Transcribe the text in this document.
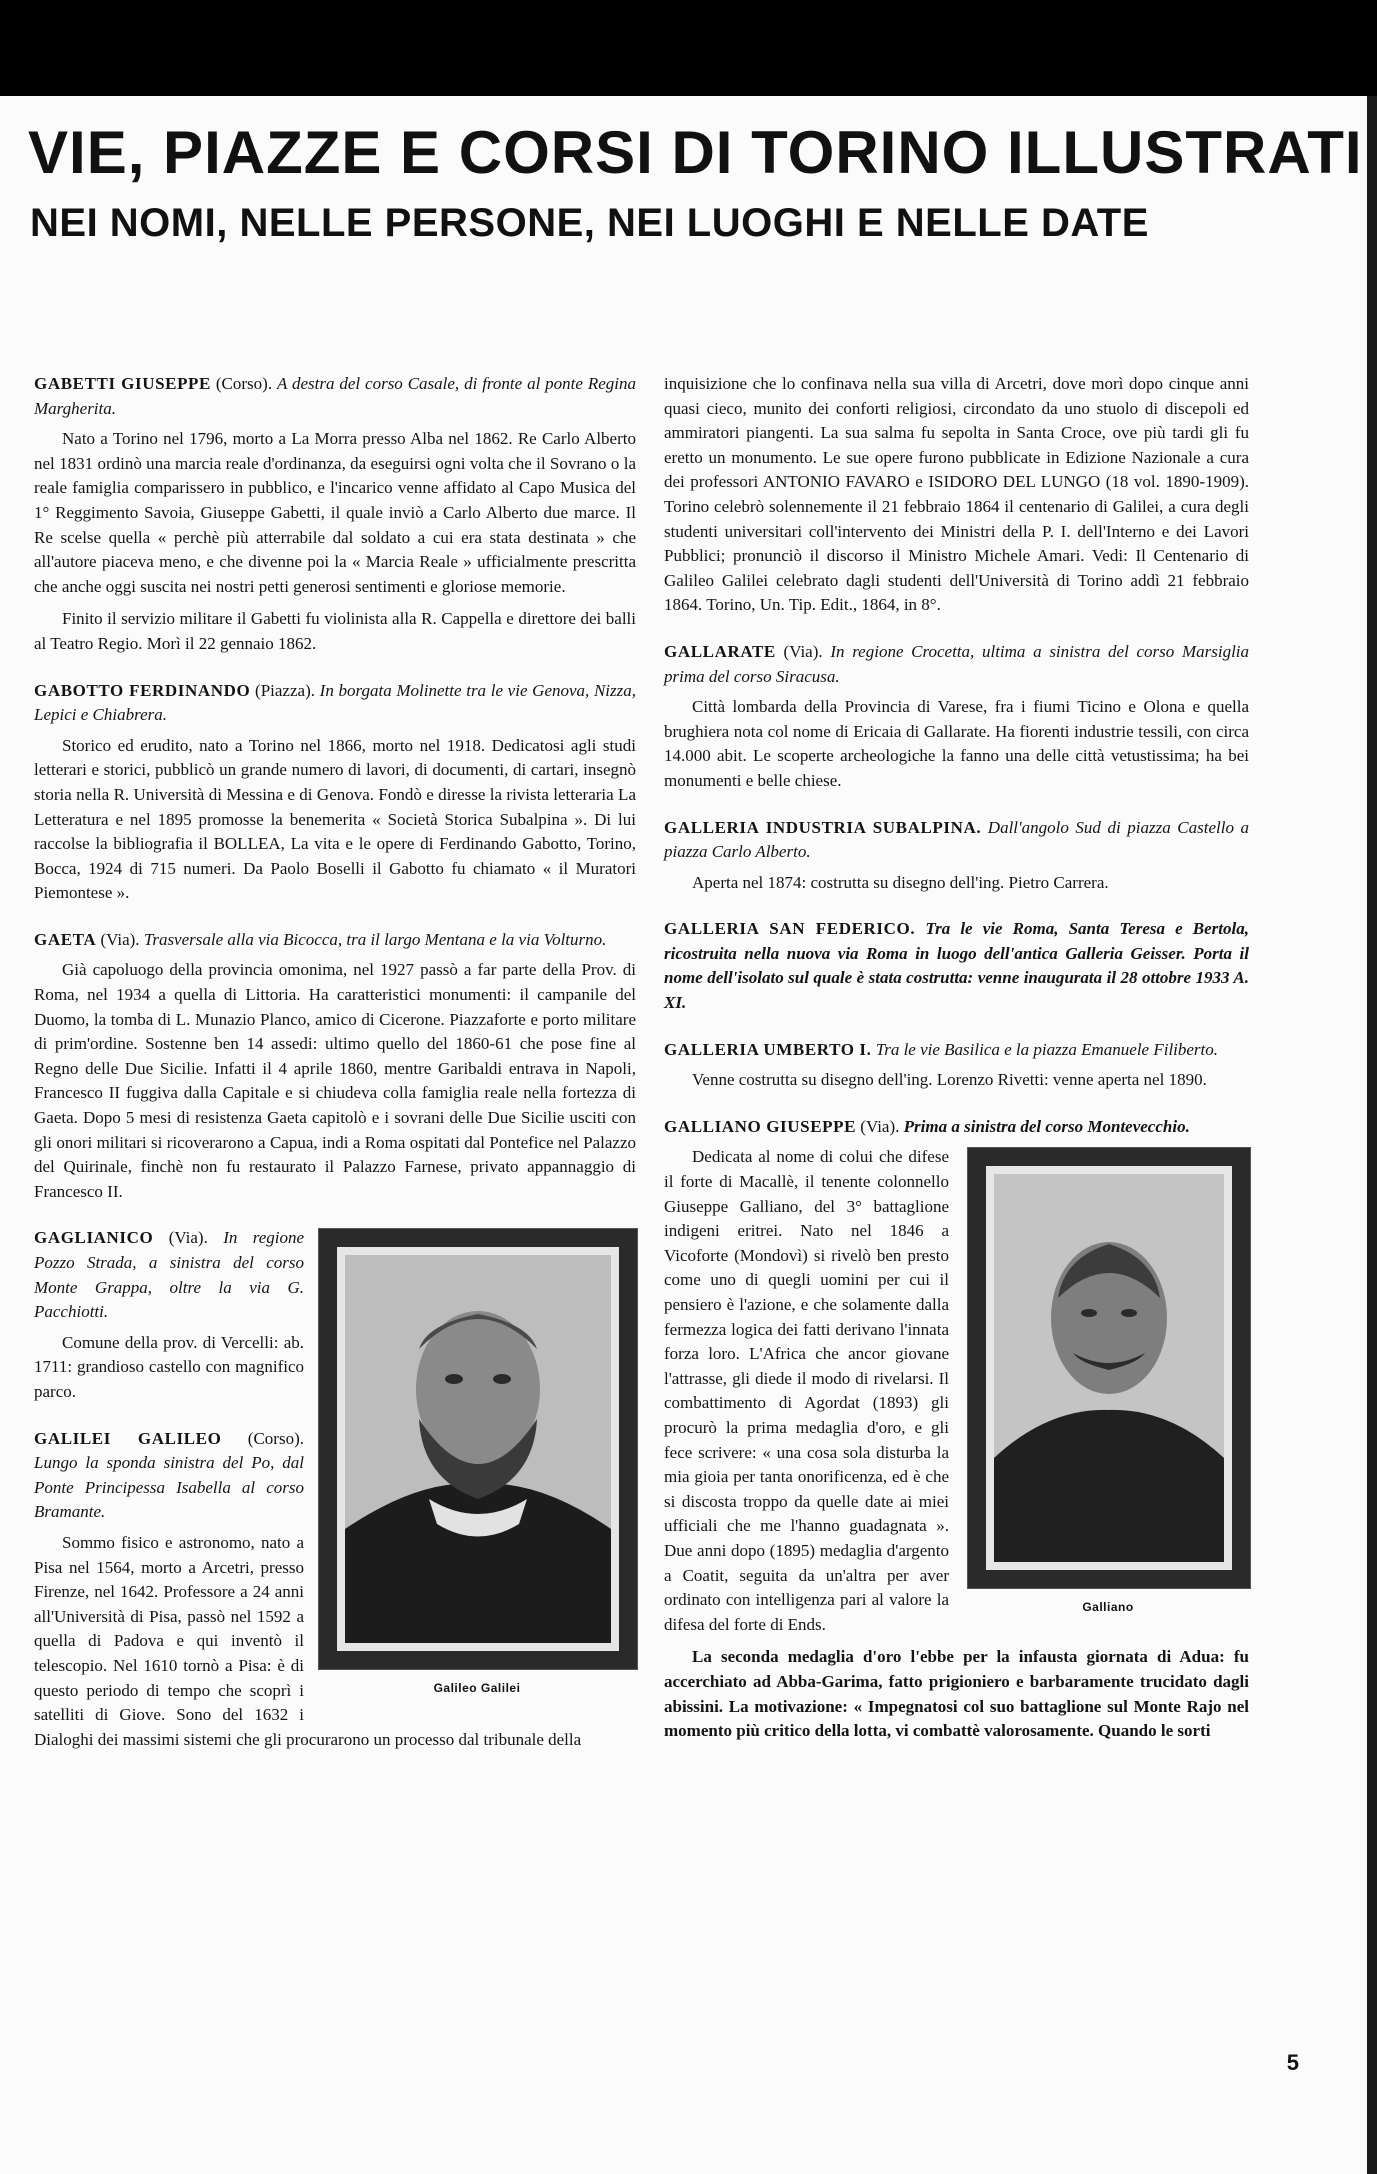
VIE, PIAZZE E CORSI DI TORINO ILLUSTRATI
NEI NOMI, NELLE PERSONE, NEI LUOGHI E NELLE DATE
GABETTI GIUSEPPE (Corso). A destra del corso Casale, di fronte al ponte Regina Margherita.

Nato a Torino nel 1796, morto a La Morra presso Alba nel 1862. Re Carlo Alberto nel 1831 ordinò una marcia reale d'ordinanza, da eseguirsi ogni volta che il Sovrano o la reale famiglia comparissero in pubblico, e l'incarico venne affidato al Capo Musica del 1° Reggimento Savoia, Giuseppe Gabetti, il quale inviò a Carlo Alberto due marce. Il Re scelse quella « perchè più atterrabile dal soldato a cui era stata destinata » che all'autore piaceva meno, e che divenne poi la « Marcia Reale » ufficialmente prescritta che anche oggi suscita nei nostri petti generosi sentimenti e gloriose memorie.

Finito il servizio militare il Gabetti fu violinista alla R. Cappella e direttore dei balli al Teatro Regio. Morì il 22 gennaio 1862.

GABOTTO FERDINANDO (Piazza). In borgata Molinette tra le vie Genova, Nizza, Lepici e Chiabrera.

Storico ed erudito, nato a Torino nel 1866, morto nel 1918. Dedicatosi agli studi letterari e storici, pubblicò un grande numero di lavori, di documenti, di cartari, insegnò storia nella R. Università di Messina e di Genova. Fondò e diresse la rivista letteraria La Letteratura e nel 1895 promosse la benemerita « Società Storica Subalpina ». Di lui raccolse la bibliografia il BOLLEA, La vita e le opere di Ferdinando Gabotto, Torino, Bocca, 1924 di 715 numeri. Da Paolo Boselli il Gabotto fu chiamato « il Muratori Piemontese ».

GAETA (Via). Trasversale alla via Bicocca, tra il largo Mentana e la via Volturno.

Già capoluogo della provincia omonima, nel 1927 passò a far parte della Prov. di Roma, nel 1934 a quella di Littoria. Ha caratteristici monumenti: il campanile del Duomo, la tomba di L. Munazio Planco, amico di Cicerone. Piazzaforte e porto militare di prim'ordine. Sostenne ben 14 assedi: ultimo quello del 1860-61 che pose fine al Regno delle Due Sicilie. Infatti il 4 aprile 1860, mentre Garibaldi entrava in Napoli, Francesco II fuggiva dalla Capitale e si chiudeva colla famiglia reale nella fortezza di Gaeta. Dopo 5 mesi di resistenza Gaeta capitolò e i sovrani delle Due Sicilie usciti con gli onori militari si ricoverarono a Capua, indi a Roma ospitati dal Pontefice nel Palazzo del Quirinale, finchè non fu restaurato il Palazzo Farnese, privato appannaggio di Francesco II.

Galileo Galilei
GAGLIANICO (Via). In regione Pozzo Strada, a sinistra del corso Monte Grappa, oltre la via G. Pacchiotti.

Comune della prov. di Vercelli: ab. 1711: grandioso castello con magnifico parco.

GALILEI GALILEO (Corso). Lungo la sponda sinistra del Po, dal Ponte Principessa Isabella al corso Bramante.

Sommo fisico e astronomo, nato a Pisa nel 1564, morto a Arcetri, presso Firenze, nel 1642. Professore a 24 anni all'Università di Pisa, passò nel 1592 a quella di Padova e qui inventò il telescopio. Nel 1610 tornò a Pisa: è di questo periodo di tempo che scoprì i satelliti di Giove. Sono del 1632 i Dialoghi dei massimi sistemi che gli procurarono un processo dal tribunale della

inquisizione che lo confinava nella sua villa di Arcetri, dove morì dopo cinque anni quasi cieco, munito dei conforti religiosi, circondato da uno stuolo di discepoli ed ammiratori piangenti. La sua salma fu sepolta in Santa Croce, ove più tardi gli fu eretto un monumento. Le sue opere furono pubblicate in Edizione Nazionale a cura dei professori ANTONIO FAVARO e ISIDORO DEL LUNGO (18 vol. 1890-1909). Torino celebrò solennemente il 21 febbraio 1864 il centenario di Galilei, a cura degli studenti universitari coll'intervento dei Ministri della P. I. dell'Interno e dei Lavori Pubblici; pronunciò il discorso il Ministro Michele Amari. Vedi: Il Centenario di Galileo Galilei celebrato dagli studenti dell'Università di Torino addì 21 febbraio 1864. Torino, Un. Tip. Edit., 1864, in 8°.

GALLARATE (Via). In regione Crocetta, ultima a sinistra del corso Marsiglia prima del corso Siracusa.

Città lombarda della Provincia di Varese, fra i fiumi Ticino e Olona e quella brughiera nota col nome di Ericaia di Gallarate. Ha fiorenti industrie tessili, con circa 14.000 abit. Le scoperte archeologiche la fanno una delle città vetustissima; ha bei monumenti e belle chiese.

GALLERIA INDUSTRIA SUBALPINA. Dall'angolo Sud di piazza Castello a piazza Carlo Alberto.

Aperta nel 1874: costrutta su disegno dell'ing. Pietro Carrera.

GALLERIA SAN FEDERICO. Tra le vie Roma, Santa Teresa e Bertola, ricostruita nella nuova via Roma in luogo dell'antica Galleria Geisser. Porta il nome dell'isolato sul quale è stata costrutta: venne inaugurata il 28 ottobre 1933 A. XI.
GALLERIA UMBERTO I. Tra le vie Basilica e la piazza Emanuele Filiberto.

Venne costrutta su disegno dell'ing. Lorenzo Rivetti: venne aperta nel 1890.

GALLIANO GIUSEPPE (Via). Prima a sinistra del corso Montevecchio.
Galliano

Dedicata al nome di colui che difese il forte di Macallè, il tenente colonnello Giuseppe Galliano, del 3° battaglione indigeni eritrei. Nato nel 1846 a Vicoforte (Mondovì) si rivelò ben presto come uno di quegli uomini per cui il pensiero è l'azione, e che solamente dalla fermezza logica dei fatti derivano l'innata forza loro. L'Africa che ancor giovane l'attrasse, gli diede il modo di rivelarsi. Il combattimento di Agordat (1893) gli procurò la prima medaglia d'oro, e gli fece scrivere: « una cosa sola disturba la mia gioia per tanta onorificenza, ed è che si discosta troppo da quelle date ai miei ufficiali che me l'hanno guadagnata ». Due anni dopo (1895) medaglia d'argento a Coatit, seguita da un'altra per aver ordinato con intelligenza pari al valore la difesa del forte di Ends.

La seconda medaglia d'oro l'ebbe per la infausta giornata di Adua: fu accerchiato ad Abba-Garima, fatto prigioniero e barbaramente trucidato dagli abissini. La motivazione: « Impegnatosi col suo battaglione sul Monte Rajo nel momento più critico della lotta, vi combattè valorosamente. Quando le sorti

5
